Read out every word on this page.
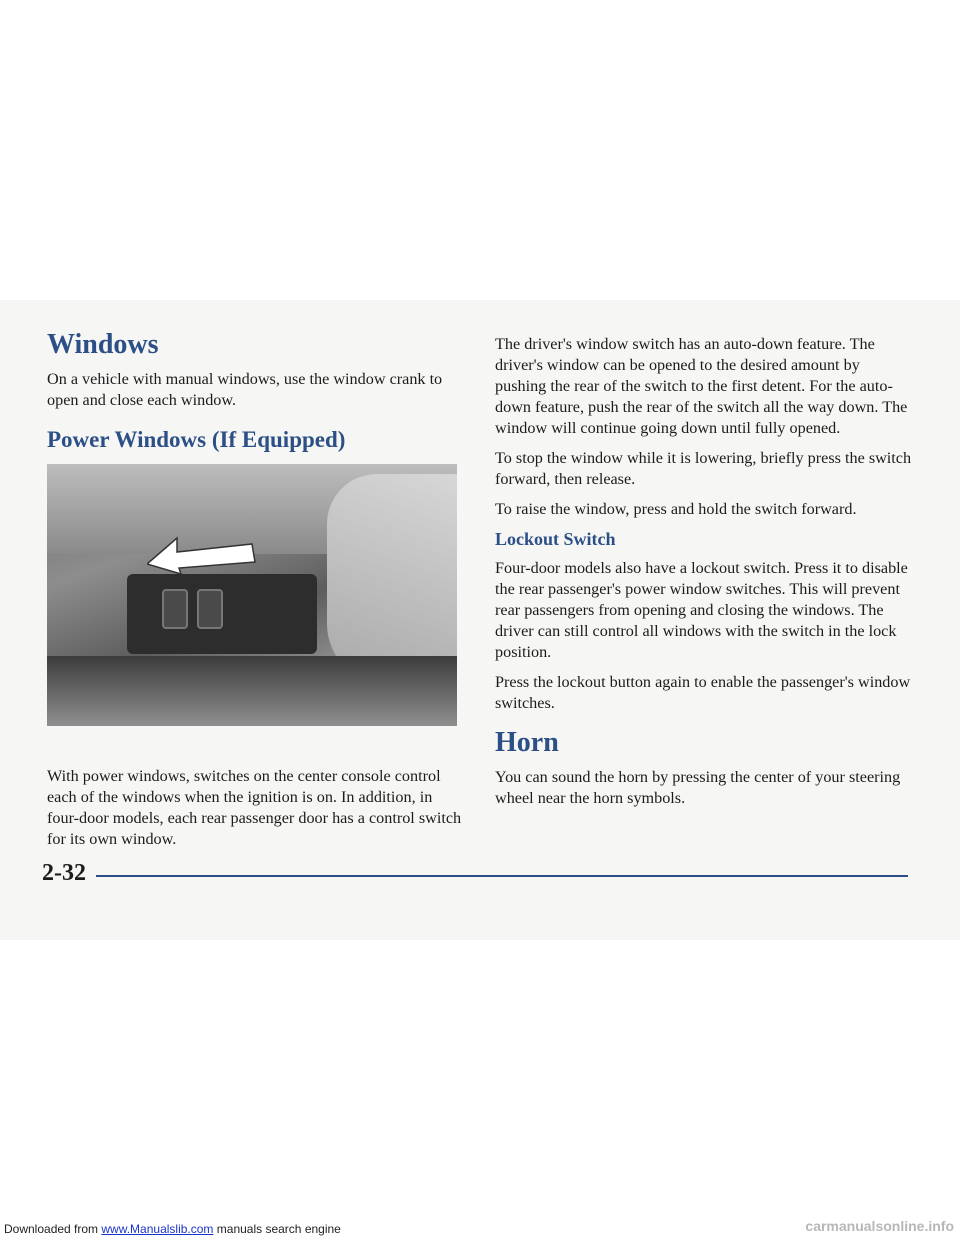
Windows

On a vehicle with manual windows, use the window crank to open and close each window.

Power Windows (If Equipped)

With power windows, switches on the center console control each of the windows when the ignition is on. In addition, in four-door models, each rear passenger door has a control switch for its own window.

The driver's window switch has an auto-down feature. The driver's window can be opened to the desired amount by pushing the rear of the switch to the first detent. For the auto-down feature, push the rear of the switch all the way down. The window will continue going down until fully opened.

To stop the window while it is lowering, briefly press the switch forward, then release.

To raise the window, press and hold the switch forward.

Lockout Switch

Four-door models also have a lockout switch. Press it to disable the rear passenger's power window switches. This will prevent rear passengers from opening and closing the windows. The driver can still control all windows with the switch in the lock position.

Press the lockout button again to enable the passenger's window switches.

Horn

You can sound the horn by pressing the center of your steering wheel near the horn symbols.

2-32
Downloaded from www.Manualslib.com manuals search engine	carmanualsonline.info
